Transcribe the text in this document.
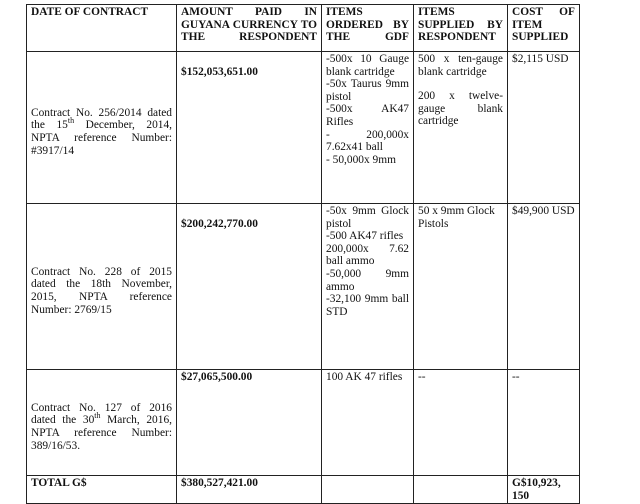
DATE OF CONTRACT	AMOUNT PAID IN GUYANA CURRENCY TO THE RESPONDENT	ITEMS ORDERED BY THE GDF	ITEMS SUPPLIED BY RESPONDENT	COST OF ITEM SUPPLIED
Contract No. 256/2014 dated the 15th December, 2014, NPTA reference Number: #3917/14	$152,053,651.00	-500x 10 Gauge blank cartridge
-50x Taurus 9mm pistol
-500x AK47 Rifles
- 200,000x 7.62x41 ball
- 50,000x 9mm	500 x ten-gauge blank cartridge
200 x twelve-gauge blank cartridge	$2,115 USD
Contract No. 228 of 2015 dated the 18th November, 2015, NPTA reference Number: 2769/15	$200,242,770.00	-50x 9mm Glock pistol
-500 AK47 rifles
200,000x 7.62 ball ammo
-50,000 9mm ammo
-32,100 9mm ball STD	50 x 9mm Glock Pistols	$49,900 USD
Contract No. 127 of 2016 dated the 30th March, 2016, NPTA reference Number: 389/16/53.	$27,065,500.00	100 AK 47 rifles	--	--
TOTAL G$	$380,527,421.00			G$10,923, 150
